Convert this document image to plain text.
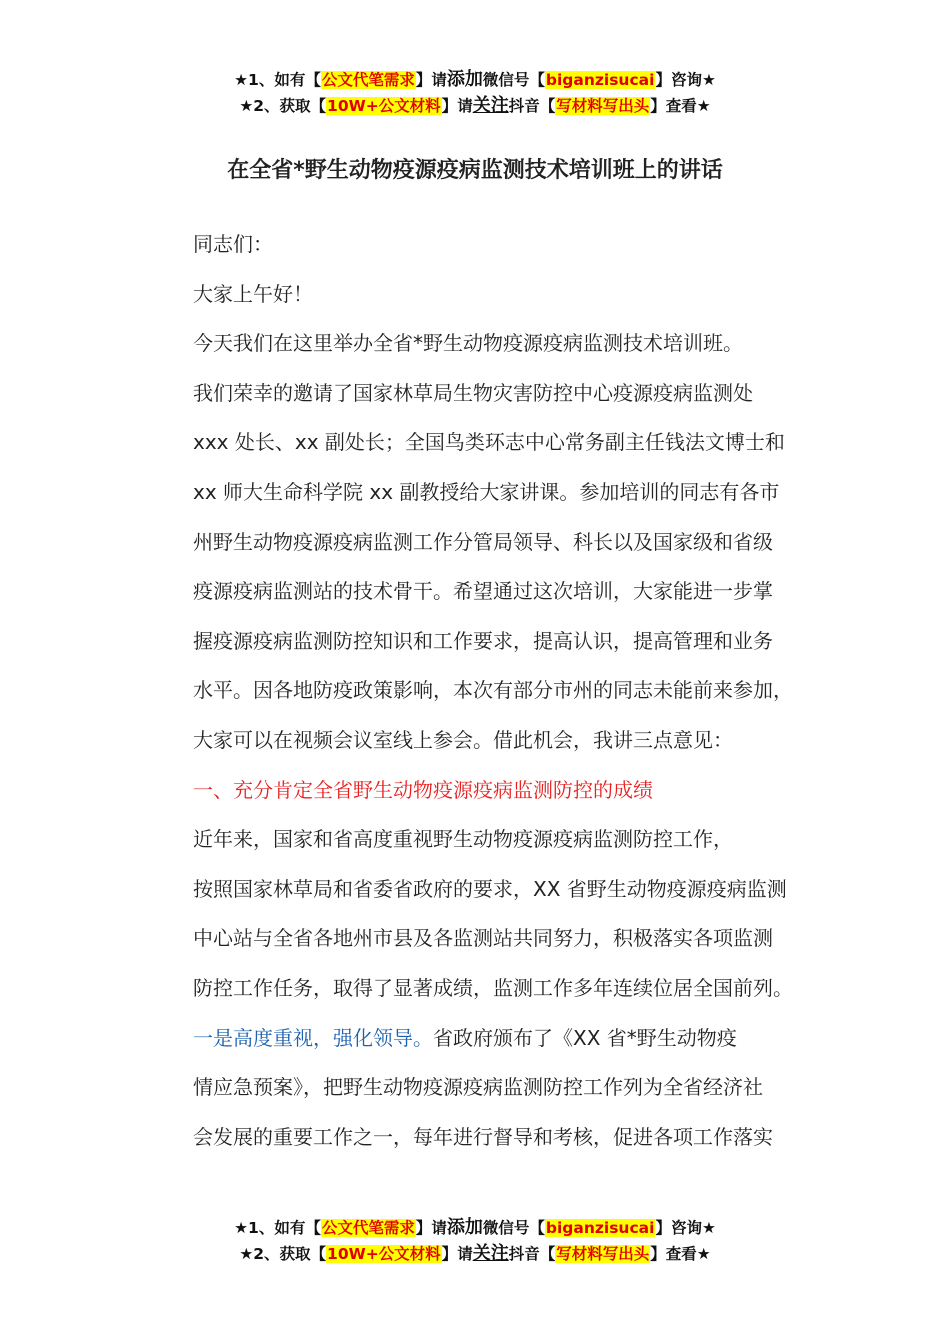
★1、如有【公文代笔需求】请添加微信号【biganzisucai】咨询★
★2、获取【10W+公文材料】请关注抖音【写材料写出头】查看★
在全省*野生动物疫源疫病监测技术培训班上的讲话

同志们：

大家上午好！

今天我们在这里举办全省*野生动物疫源疫病监测技术培训班。
我们荣幸的邀请了国家林草局生物灾害防控中心疫源疫病监测处
xxx 处长、xx 副处长；全国鸟类环志中心常务副主任钱法文博士和
xx 师大生命科学院 xx 副教授给大家讲课。参加培训的同志有各市
州野生动物疫源疫病监测工作分管局领导、科长以及国家级和省级
疫源疫病监测站的技术骨干。希望通过这次培训，大家能进一步掌
握疫源疫病监测防控知识和工作要求，提高认识，提高管理和业务
水平。因各地防疫政策影响，本次有部分市州的同志未能前来参加，
大家可以在视频会议室线上参会。借此机会，我讲三点意见：

一、充分肯定全省野生动物疫源疫病监测防控的成绩

近年来，国家和省高度重视野生动物疫源疫病监测防控工作，
按照国家林草局和省委省政府的要求，XX 省野生动物疫源疫病监测
中心站与全省各地州市县及各监测站共同努力，积极落实各项监测
防控工作任务，取得了显著成绩，监测工作多年连续位居全国前列。

一是高度重视，强化领导。省政府颁布了《XX 省*野生动物疫
情应急预案》，把野生动物疫源疫病监测防控工作列为全省经济社
会发展的重要工作之一，每年进行督导和考核，促进各项工作落实

★1、如有【公文代笔需求】请添加微信号【biganzisucai】咨询★
★2、获取【10W+公文材料】请关注抖音【写材料写出头】查看★
